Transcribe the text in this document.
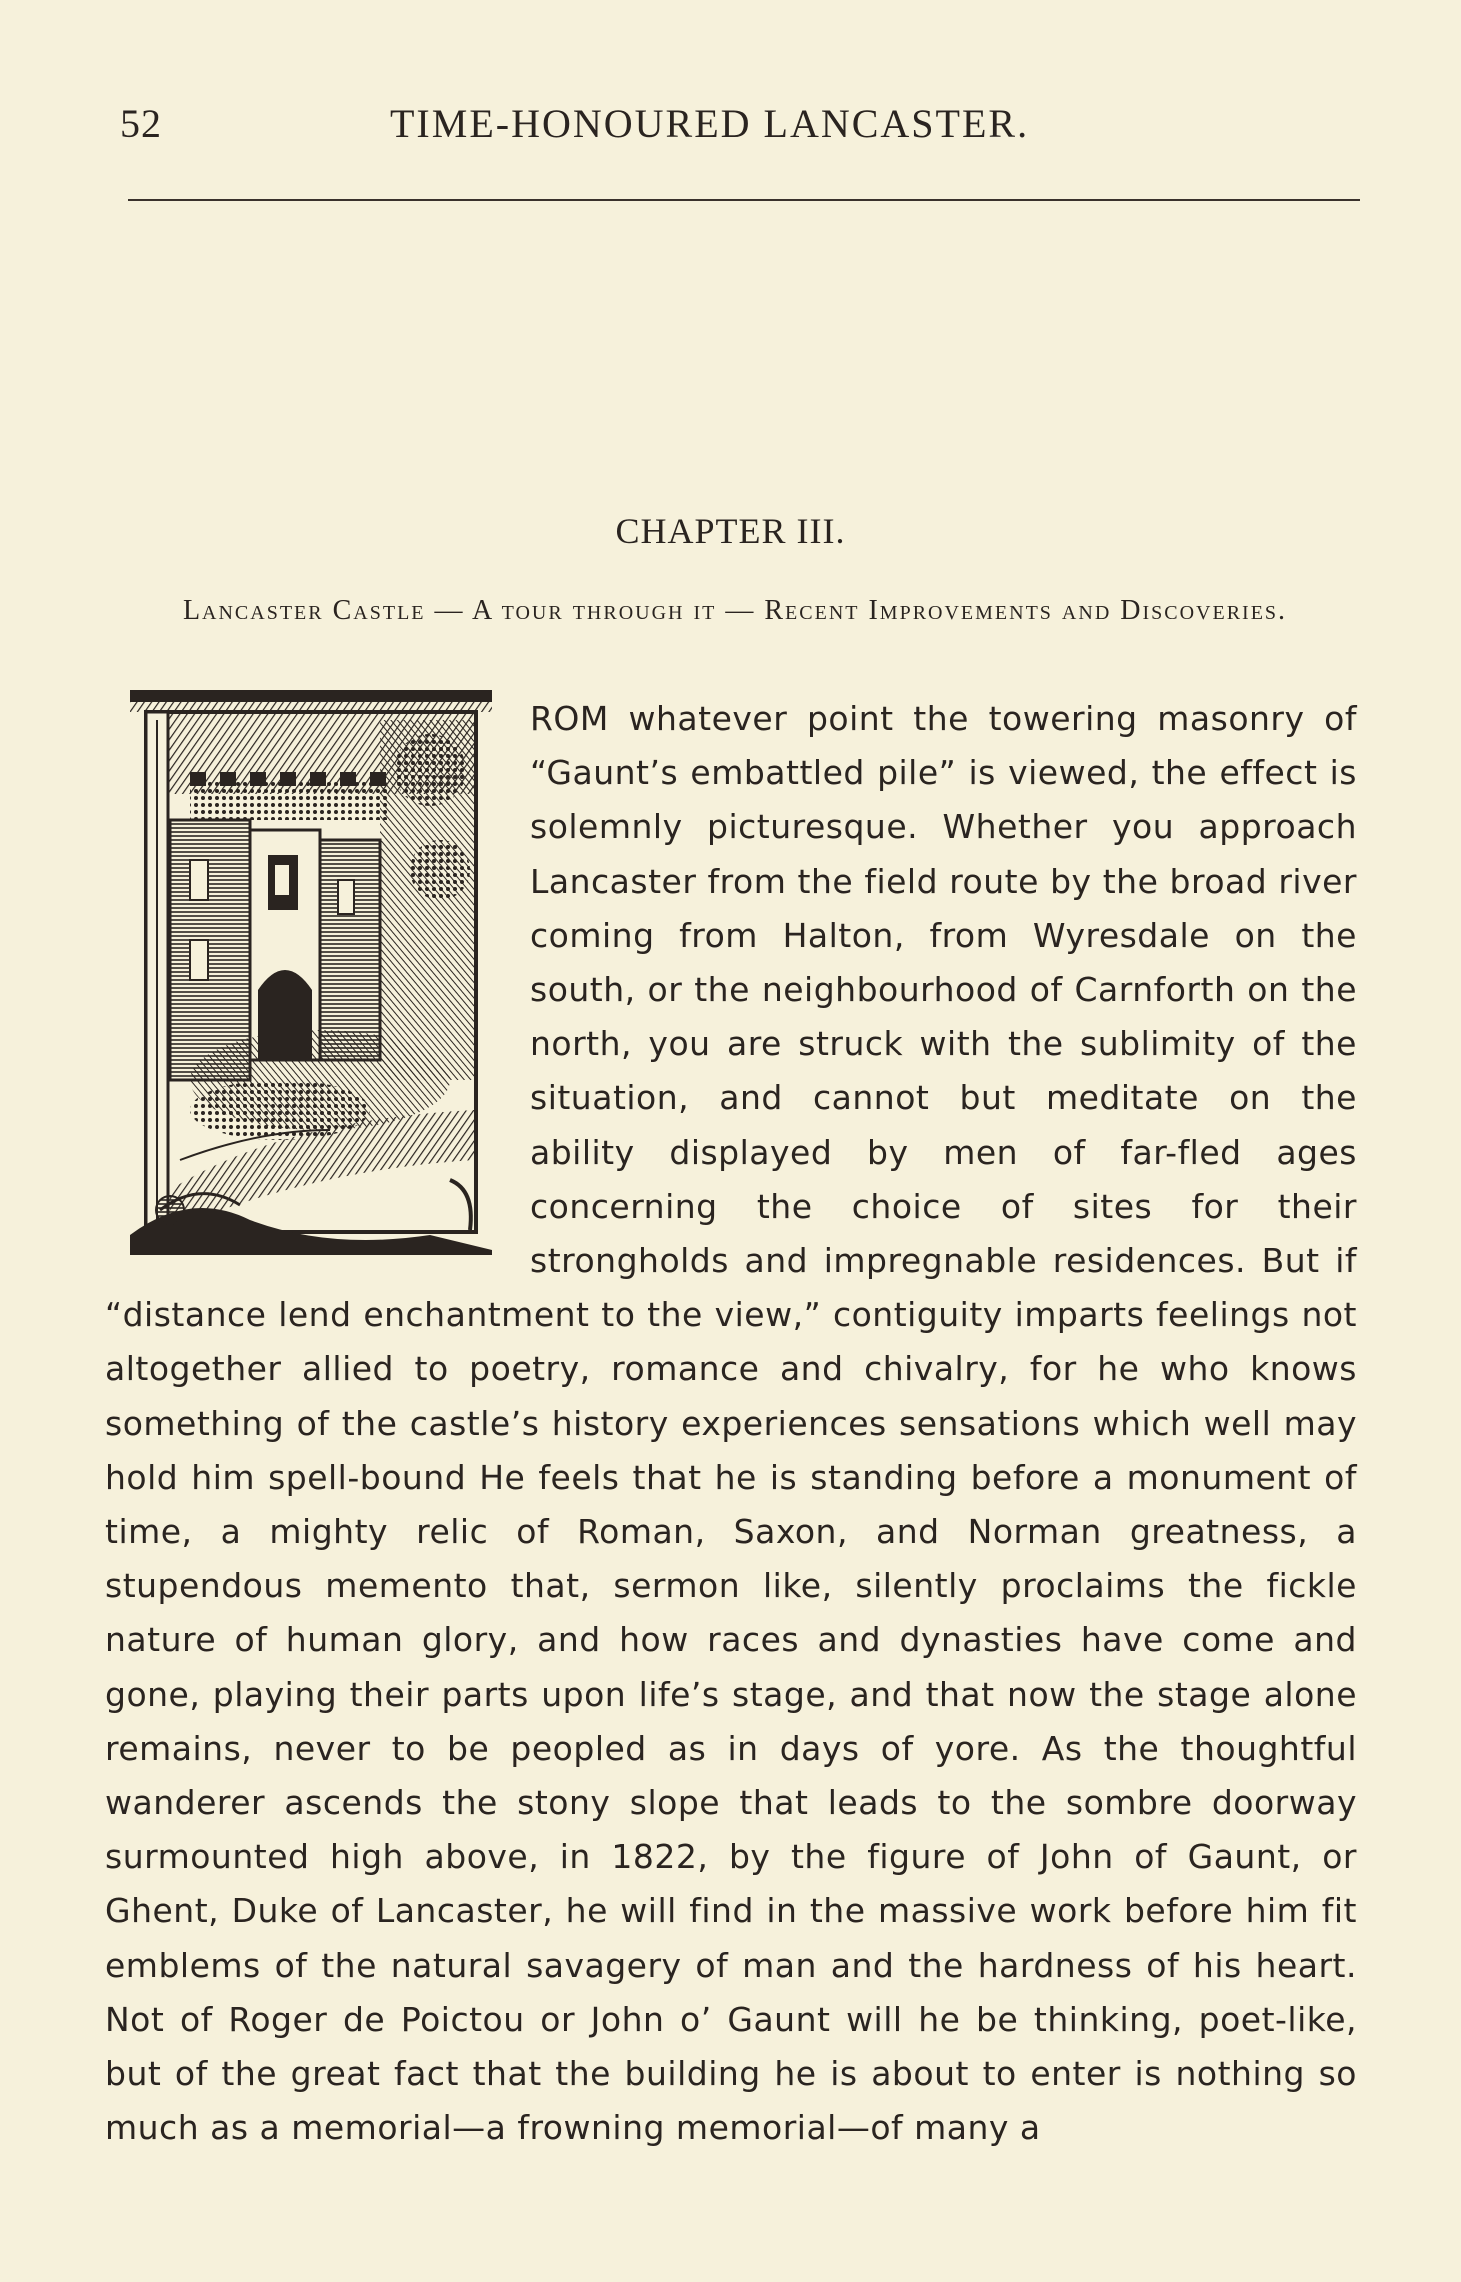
52	TIME-HONOURED LANCASTER.
CHAPTER III.
Lancaster Castle — A tour through it — Recent Improvements and Discoveries.
ROM whatever point the towering masonry of “Gaunt’s embattled pile” is viewed, the effect is solemnly picturesque. Whether you approach Lancaster from the field route by the broad river coming from Halton, from Wyresdale on the south, or the neighbourhood of Carnforth on the north, you are struck with the sublimity of the situation, and cannot but meditate on the ability displayed by men of far-fled ages concerning the choice of sites for their strongholds and impregnable residences. But if “distance lend enchantment to the view,” contiguity imparts feelings not altogether allied to poetry, romance and chivalry, for he who knows something of the castle’s history experiences sensations which well may hold him spell-bound He feels that he is standing before a monument of time, a mighty relic of Roman, Saxon, and Norman greatness, a stupendous memento that, sermon like, silently proclaims the fickle nature of human glory, and how races and dynasties have come and gone, playing their parts upon life’s stage, and that now the stage alone remains, never to be peopled as in days of yore. As the thoughtful wanderer ascends the stony slope that leads to the sombre doorway surmounted high above, in 1822, by the figure of John of Gaunt, or Ghent, Duke of Lancaster, he will find in the massive work before him fit emblems of the natural savagery of man and the hardness of his heart. Not of Roger de Poictou or John o’ Gaunt will he be thinking, poet-like, but of the great fact that the building he is about to enter is nothing so much as a memorial—a frowning memorial—of many a
